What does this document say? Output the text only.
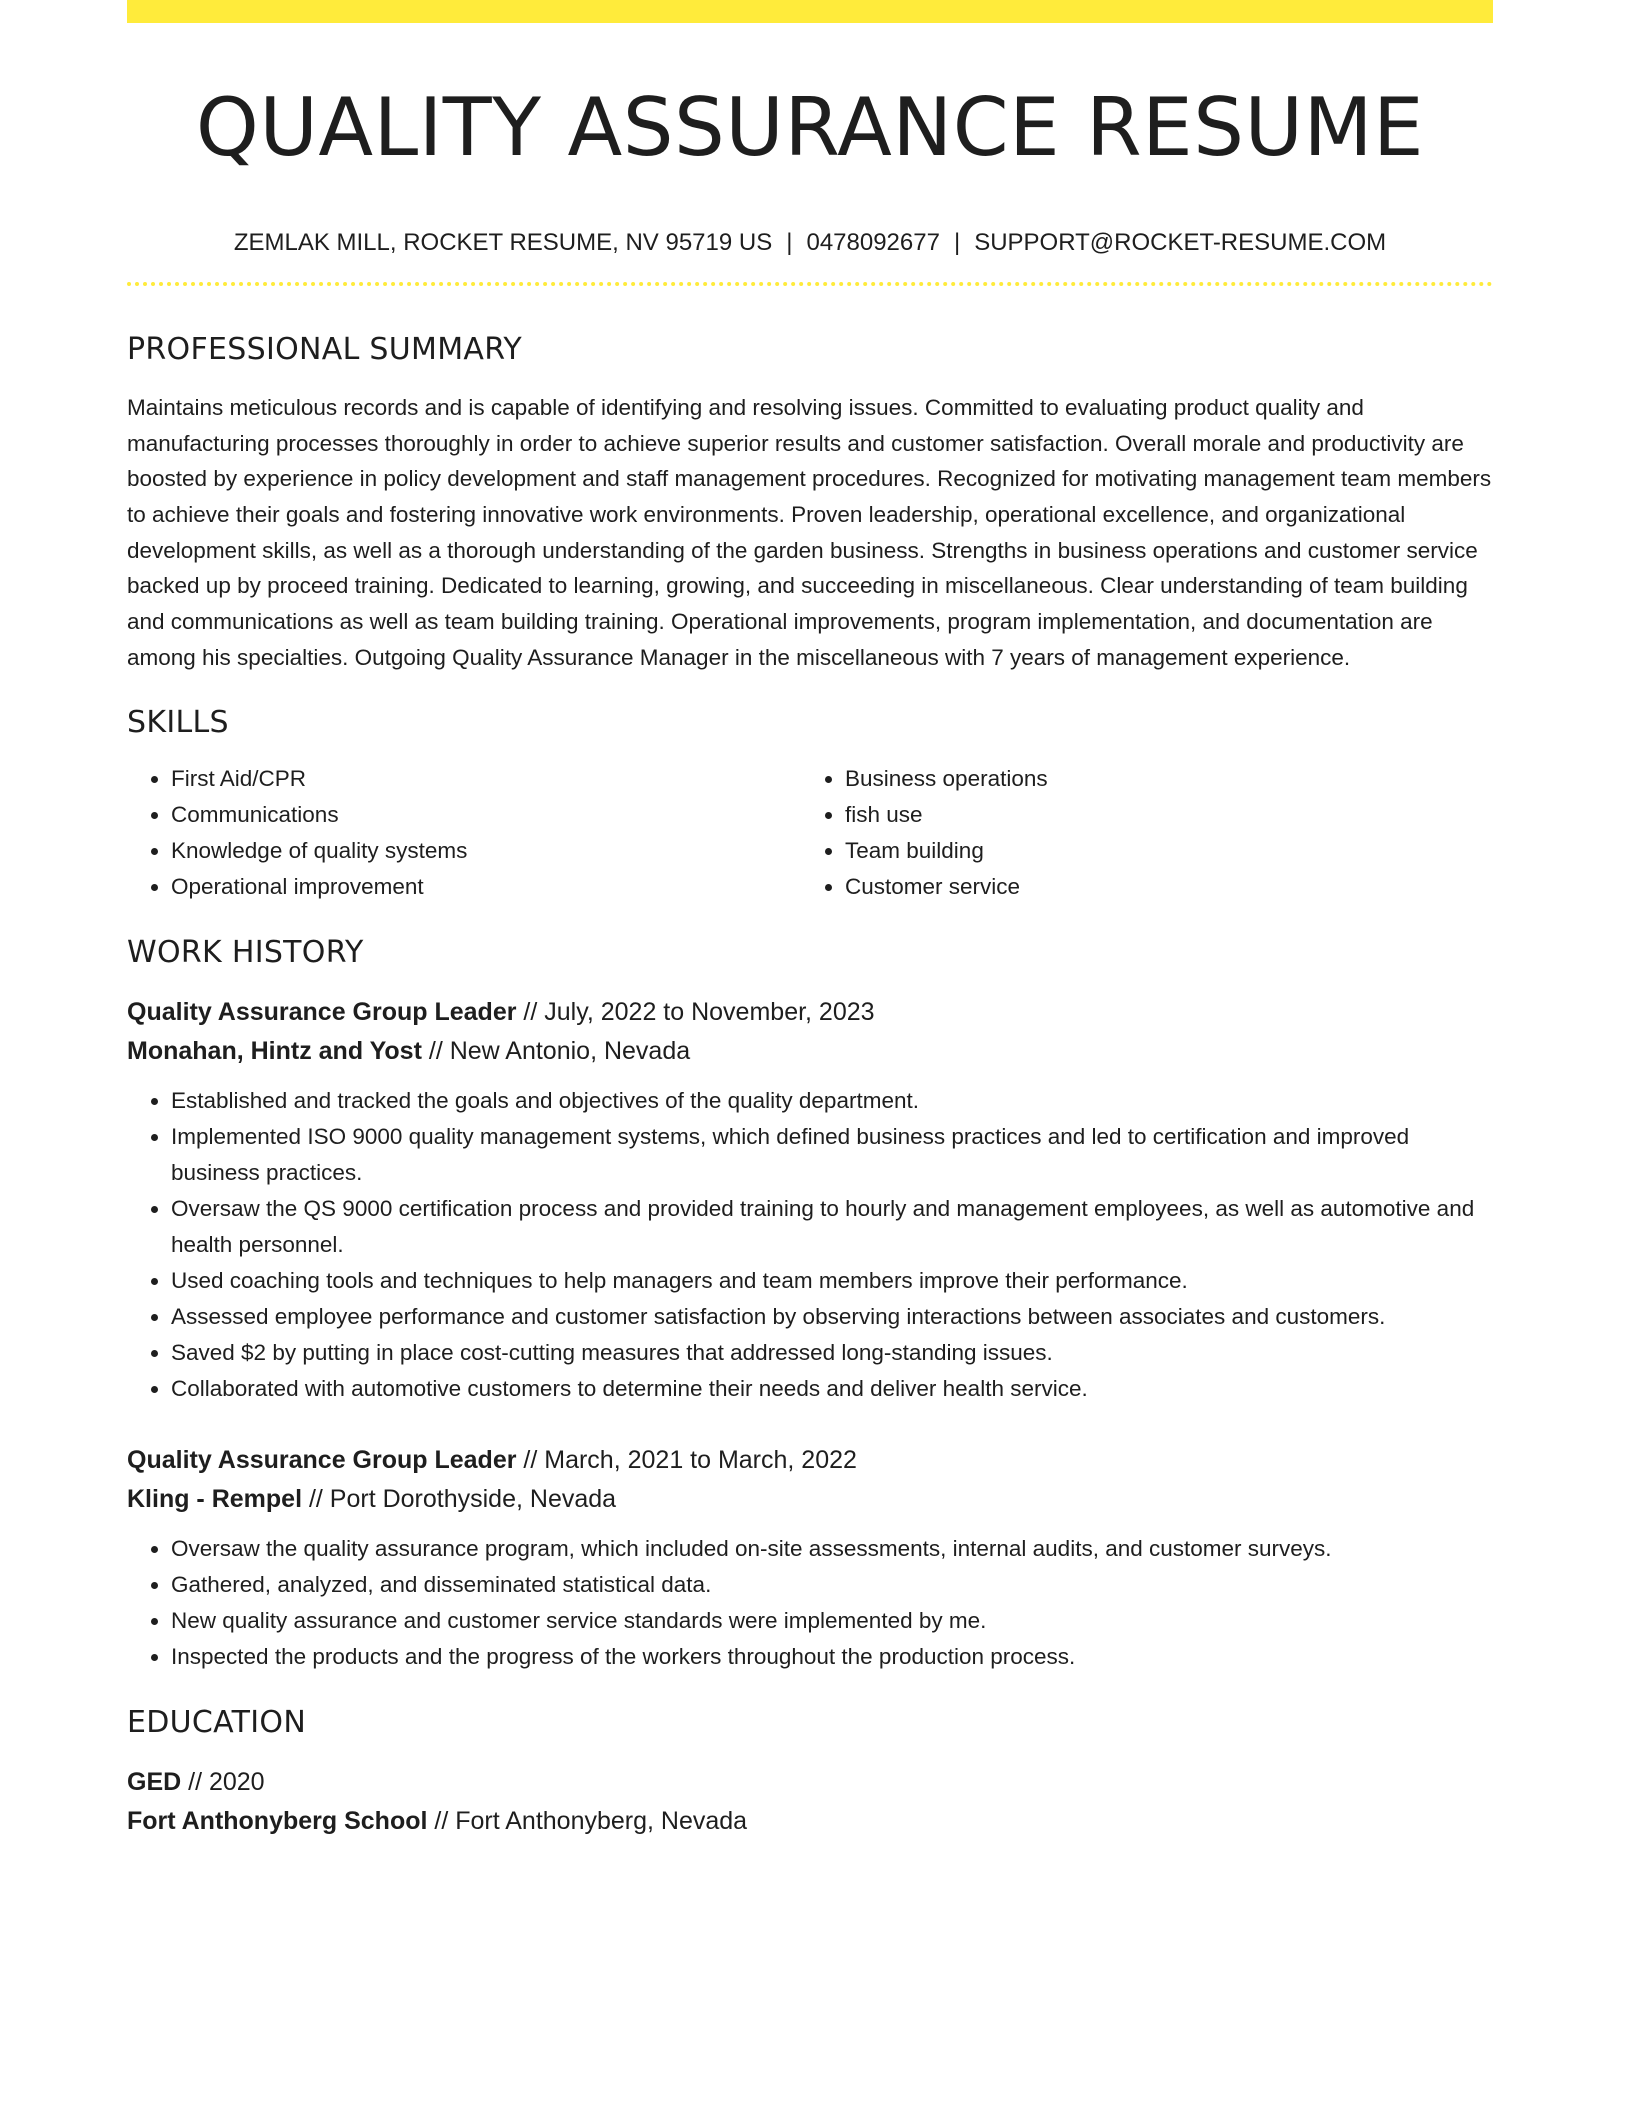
QUALITY ASSURANCE RESUME
ZEMLAK MILL, ROCKET RESUME, NV 95719 US | 0478092677 | SUPPORT@ROCKET-RESUME.COM
PROFESSIONAL SUMMARY

Maintains meticulous records and is capable of identifying and resolving issues. Committed to evaluating product quality and manufacturing processes thoroughly in order to achieve superior results and customer satisfaction. Overall morale and productivity are boosted by experience in policy development and staff management procedures. Recognized for motivating management team members to achieve their goals and fostering innovative work environments. Proven leadership, operational excellence, and organizational development skills, as well as a thorough understanding of the garden business. Strengths in business operations and customer service backed up by proceed training. Dedicated to learning, growing, and succeeding in miscellaneous. Clear understanding of team building and communications as well as team building training. Operational improvements, program implementation, and documentation are among his specialties. Outgoing Quality Assurance Manager in the miscellaneous with 7 years of management experience.

SKILLS
• First Aid/CPR
• Communications
• Knowledge of quality systems
• Operational improvement
• Business operations
• fish use
• Team building
• Customer service
WORK HISTORY
Quality Assurance Group Leader // July, 2022 to November, 2023
Monahan, Hintz and Yost // New Antonio, Nevada
• Established and tracked the goals and objectives of the quality department.
• Implemented ISO 9000 quality management systems, which defined business practices and led to certification and improved business practices.
• Oversaw the QS 9000 certification process and provided training to hourly and management employees, as well as automotive and health personnel.
• Used coaching tools and techniques to help managers and team members improve their performance.
• Assessed employee performance and customer satisfaction by observing interactions between associates and customers.
• Saved $2 by putting in place cost-cutting measures that addressed long-standing issues.
• Collaborated with automotive customers to determine their needs and deliver health service.
Quality Assurance Group Leader // March, 2021 to March, 2022
Kling - Rempel // Port Dorothyside, Nevada
• Oversaw the quality assurance program, which included on-site assessments, internal audits, and customer surveys.
• Gathered, analyzed, and disseminated statistical data.
• New quality assurance and customer service standards were implemented by me.
• Inspected the products and the progress of the workers throughout the production process.
EDUCATION
GED // 2020
Fort Anthonyberg School // Fort Anthonyberg, Nevada
